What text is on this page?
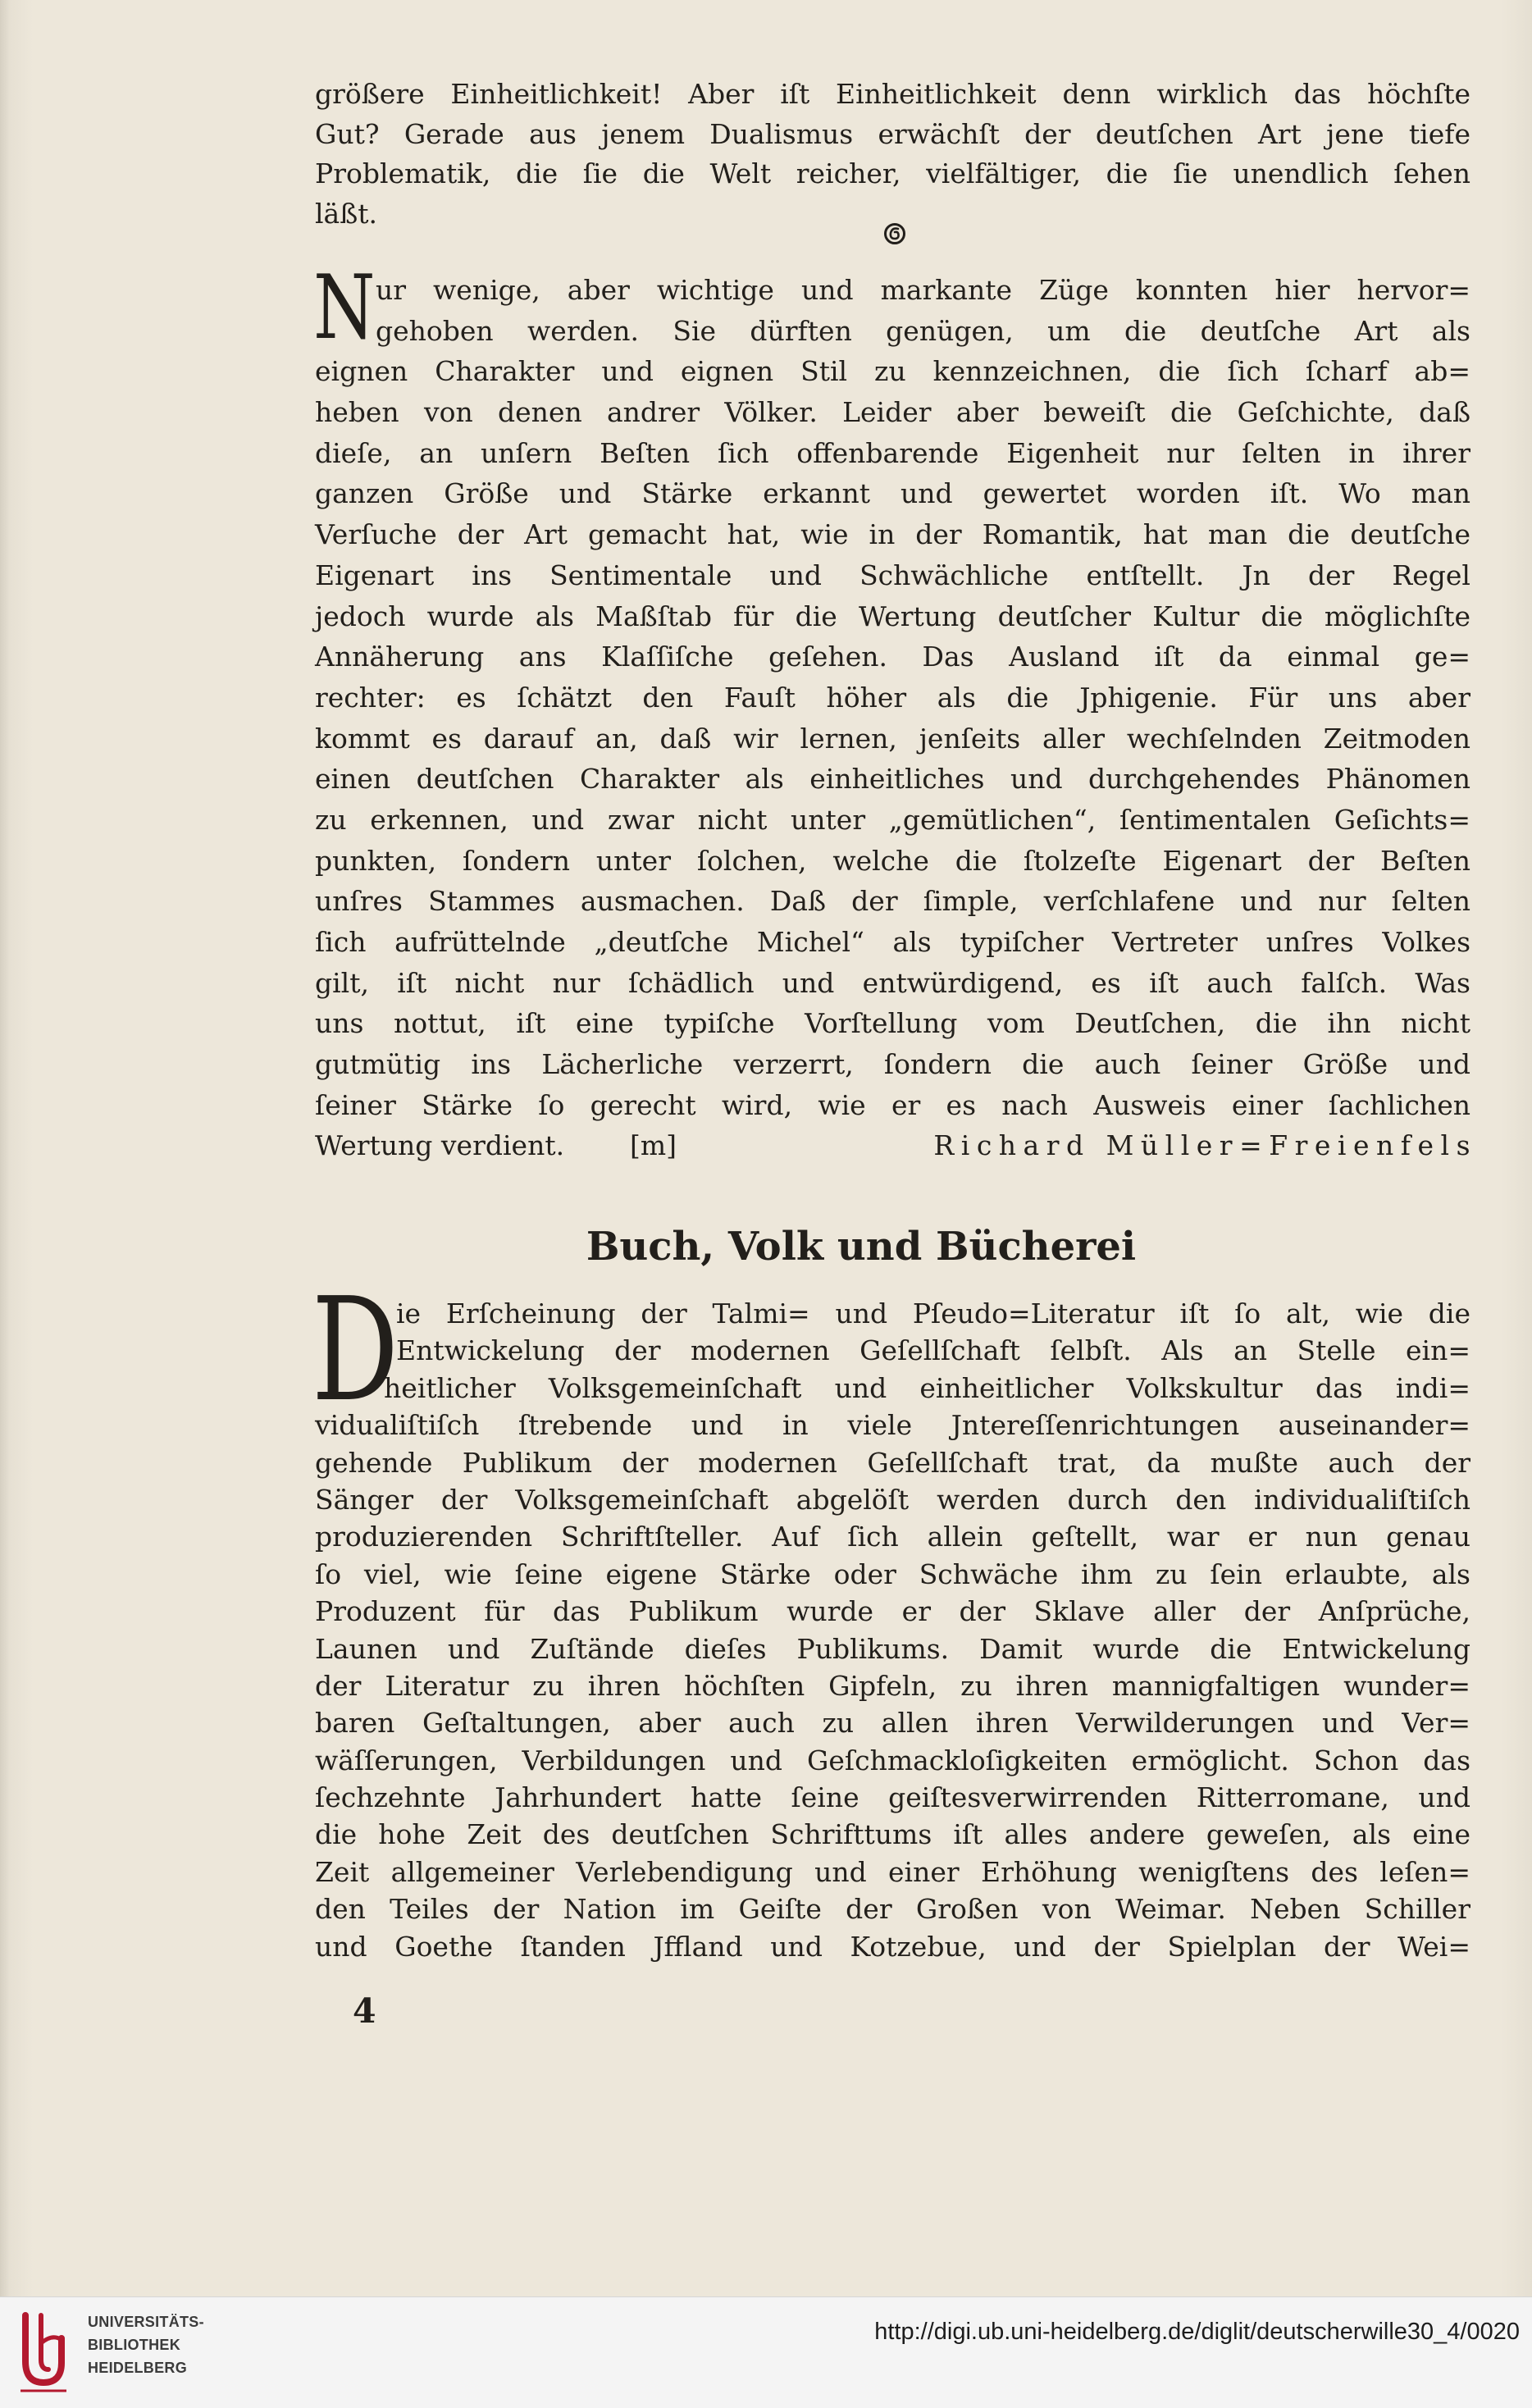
größere Einheitlichkeit! Aber iſt Einheitlichkeit denn wirklich das höchſte
Gut? Gerade aus jenem Dualismus erwächſt der deutſchen Art jene tiefe
Problematik, die ſie die Welt reicher, vielfältiger, die ſie unendlich ſehen
läßt.
N ur wenige, aber wichtige und markante Züge konnten hier hervor=
gehoben werden. Sie dürften genügen, um die deutſche Art als
eignen Charakter und eignen Stil zu kennzeichnen, die ſich ſcharf ab=
heben von denen andrer Völker. Leider aber beweiſt die Geſchichte, daß
dieſe, an unſern Beſten ſich offenbarende Eigenheit nur ſelten in ihrer
ganzen Größe und Stärke erkannt und gewertet worden iſt. Wo man
Verſuche der Art gemacht hat, wie in der Romantik, hat man die deutſche
Eigenart ins Sentimentale und Schwächliche entſtellt. Jn der Regel
jedoch wurde als Maßſtab für die Wertung deutſcher Kultur die möglichſte
Annäherung ans Klaſſiſche geſehen. Das Ausland iſt da einmal ge=
rechter: es ſchätzt den Fauſt höher als die Jphigenie. Für uns aber
kommt es darauf an, daß wir lernen, jenſeits aller wechſelnden Zeitmoden
einen deutſchen Charakter als einheitliches und durchgehendes Phänomen
zu erkennen, und zwar nicht unter „gemütlichen“, ſentimentalen Geſichts=
punkten, ſondern unter ſolchen, welche die ſtolzeſte Eigenart der Beſten
unſres Stammes ausmachen. Daß der ſimple, verſchlafene und nur ſelten
ſich aufrüttelnde „deutſche Michel“ als typiſcher Vertreter unſres Volkes
gilt, iſt nicht nur ſchädlich und entwürdigend, es iſt auch falſch. Was
uns nottut, iſt eine typiſche Vorſtellung vom Deutſchen, die ihn nicht
gutmütig ins Lächerliche verzerrt, ſondern die auch ſeiner Größe und
ſeiner Stärke ſo gerecht wird, wie er es nach Ausweis einer ſachlichen
Wertung verdient. [m]	Richard Müller=Freienfels
Buch, Volk und Bücherei
D
ie Erſcheinung der Talmi= und Pſeudo=Literatur iſt ſo alt, wie die
Entwickelung der modernen Geſellſchaft ſelbſt. Als an Stelle ein=
heitlicher Volksgemeinſchaft und einheitlicher Volkskultur das indi=
vidualiſtiſch ſtrebende und in viele Jntereſſenrichtungen auseinander=
gehende Publikum der modernen Geſellſchaft trat, da mußte auch der
Sänger der Volksgemeinſchaft abgelöſt werden durch den individualiſtiſch
produzierenden Schriftſteller. Auf ſich allein geſtellt, war er nun genau
ſo viel, wie ſeine eigene Stärke oder Schwäche ihm zu ſein erlaubte, als
Produzent für das Publikum wurde er der Sklave aller der Anſprüche,
Launen und Zuſtände dieſes Publikums. Damit wurde die Entwickelung
der Literatur zu ihren höchſten Gipfeln, zu ihren mannigfaltigen wunder=
baren Geſtaltungen, aber auch zu allen ihren Verwilderungen und Ver=
wäſſerungen, Verbildungen und Geſchmackloſigkeiten ermöglicht. Schon das
ſechzehnte Jahrhundert hatte ſeine geiſtesverwirrenden Ritterromane, und
die hohe Zeit des deutſchen Schrifttums iſt alles andere geweſen, als eine
Zeit allgemeiner Verlebendigung und einer Erhöhung wenigſtens des leſen=
den Teiles der Nation im Geiſte der Großen von Weimar. Neben Schiller
und Goethe ſtanden Jffland und Kotzebue, und der Spielplan der Wei=
4
UNIVERSITÄTS-
BIBLIOTHEK
HEIDELBERG
http://digi.ub.uni-heidelberg.de/diglit/deutscherwille30_4/0020
